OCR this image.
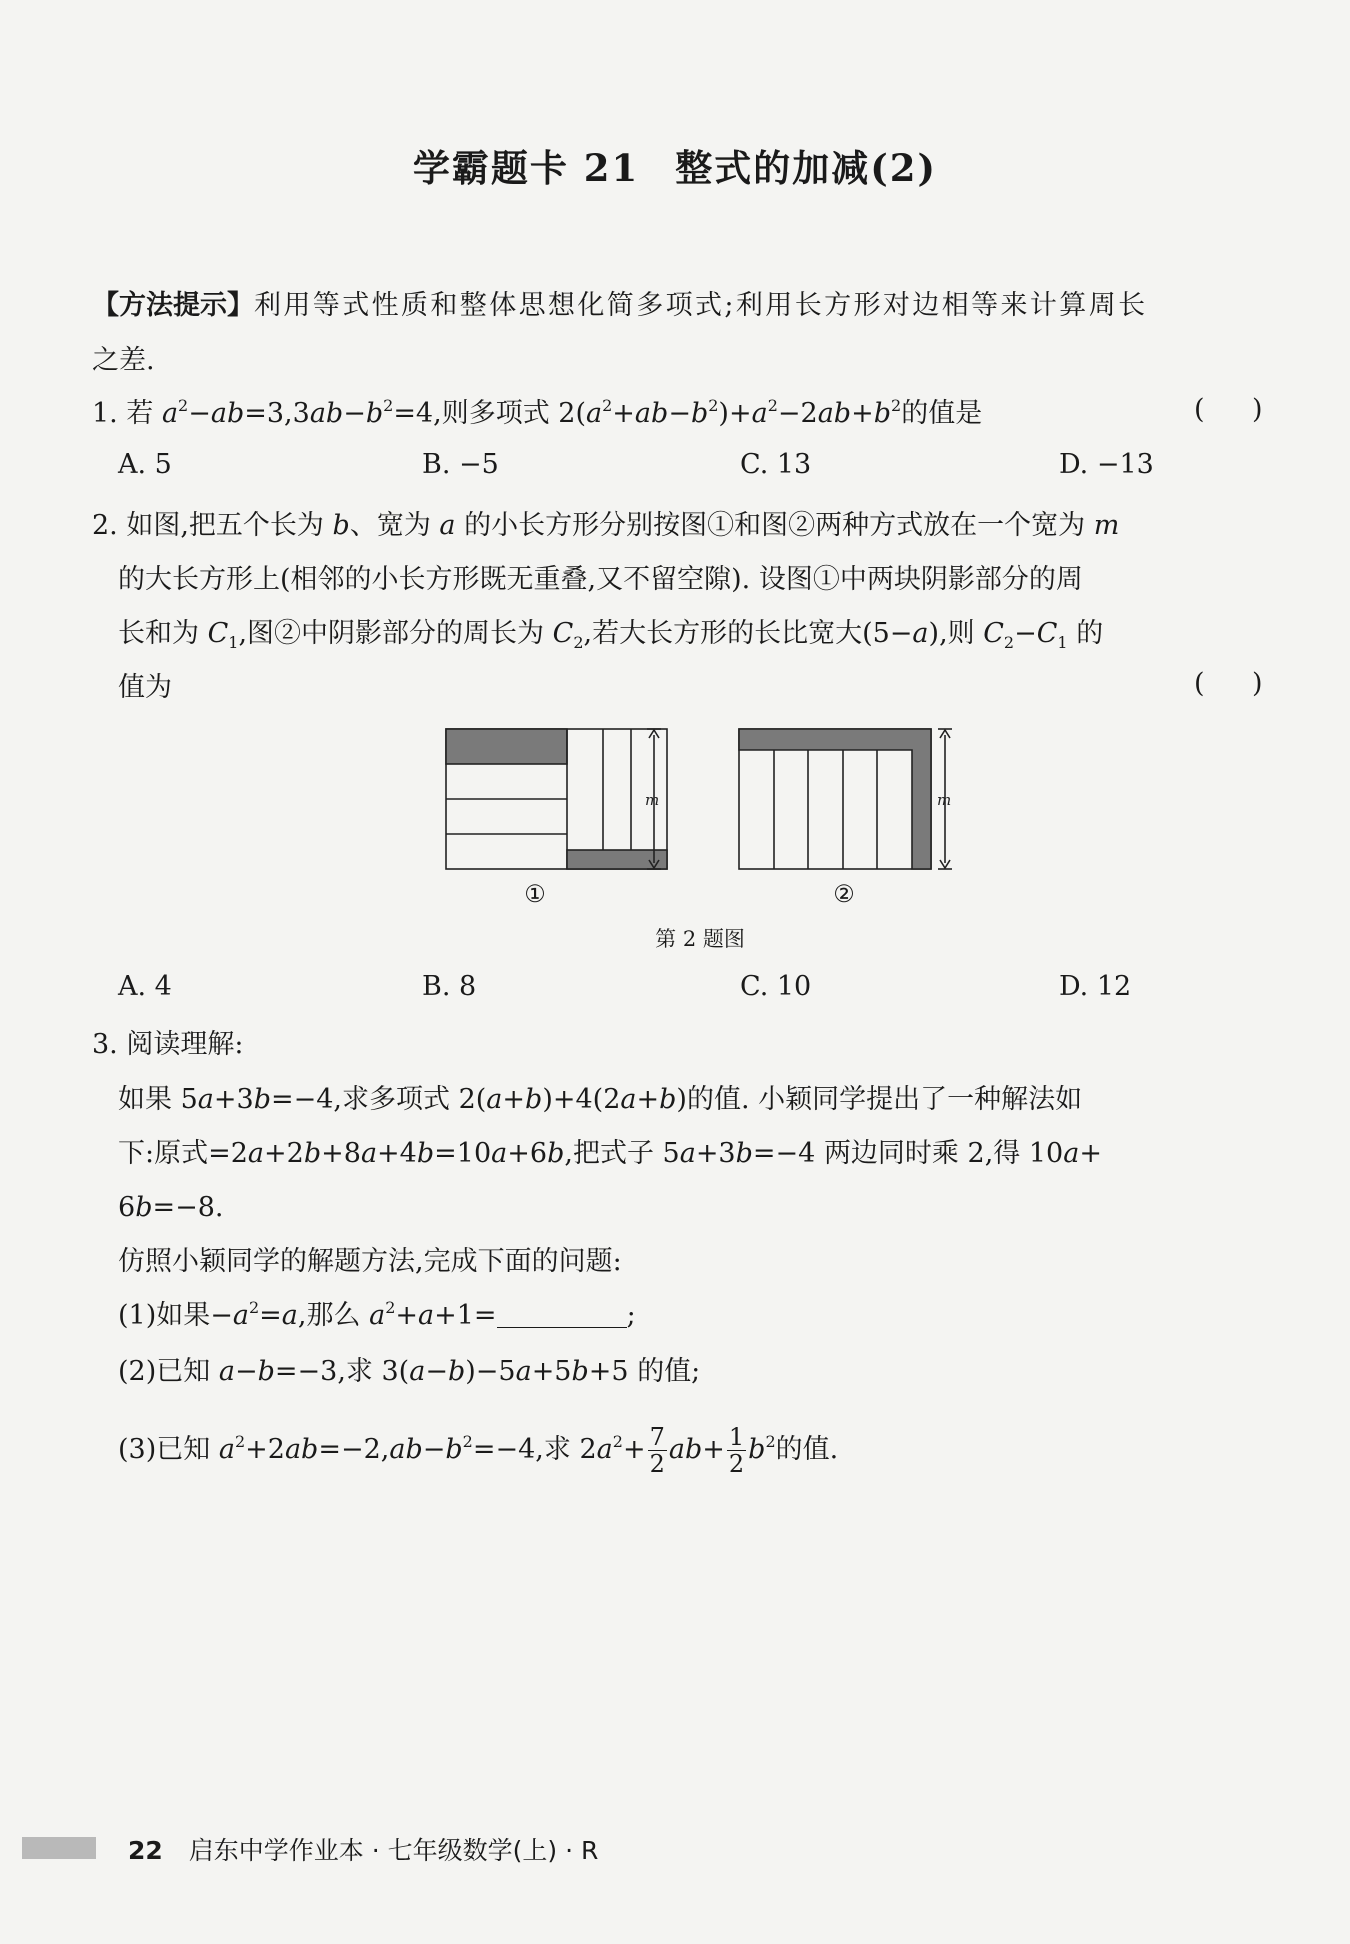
学霸题卡 21 整式的加减(2)
【方法提示】利用等式性质和整体思想化简多项式;利用长方形对边相等来计算周长
之差.
1. 若 $a^2-ab=3,3ab-b^2=4$,则多项式 $2(a^2+ab-b^2)+a^2-2ab+b^2$的值是	( )
A. 5	B. −5	C. 13	D. −13
2. 如图,把五个长为 b、宽为 a 的小长方形分别按图①和图②两种方式放在一个宽为 m
的大长方形上(相邻的小长方形既无重叠,又不留空隙). 设图①中两块阴影部分的周
长和为 $C_1$,图②中阴影部分的周长为 $C_2$,若大长方形的长比宽大(5−a),则 $C_2-C_1$ 的
值为	( )
m	m
①	②
第 2 题图
A. 4	B. 8	C. 10	D. 12
3. 阅读理解:
如果 5a+3b=−4,求多项式 2(a+b)+4(2a+b)的值. 小颖同学提出了一种解法如
下:原式=2a+2b+8a+4b=10a+6b,把式子 5a+3b=−4 两边同时乘 2,得 10a+
6b=−8.
仿照小颖同学的解题方法,完成下面的问题:
(1)如果$-a^2=a$,那么 $a^2+a+1=$	;
(2)已知 a−b=−3,求 3(a−b)−5a+5b+5 的值;
(3)已知 $a^2+2ab=-2,ab-b^2=-4$,求 $2a^2+ \frac{7}{2} ab+ \frac{1}{2} b^2$的值.
22 启东中学作业本 · 七年级数学(上) · R
